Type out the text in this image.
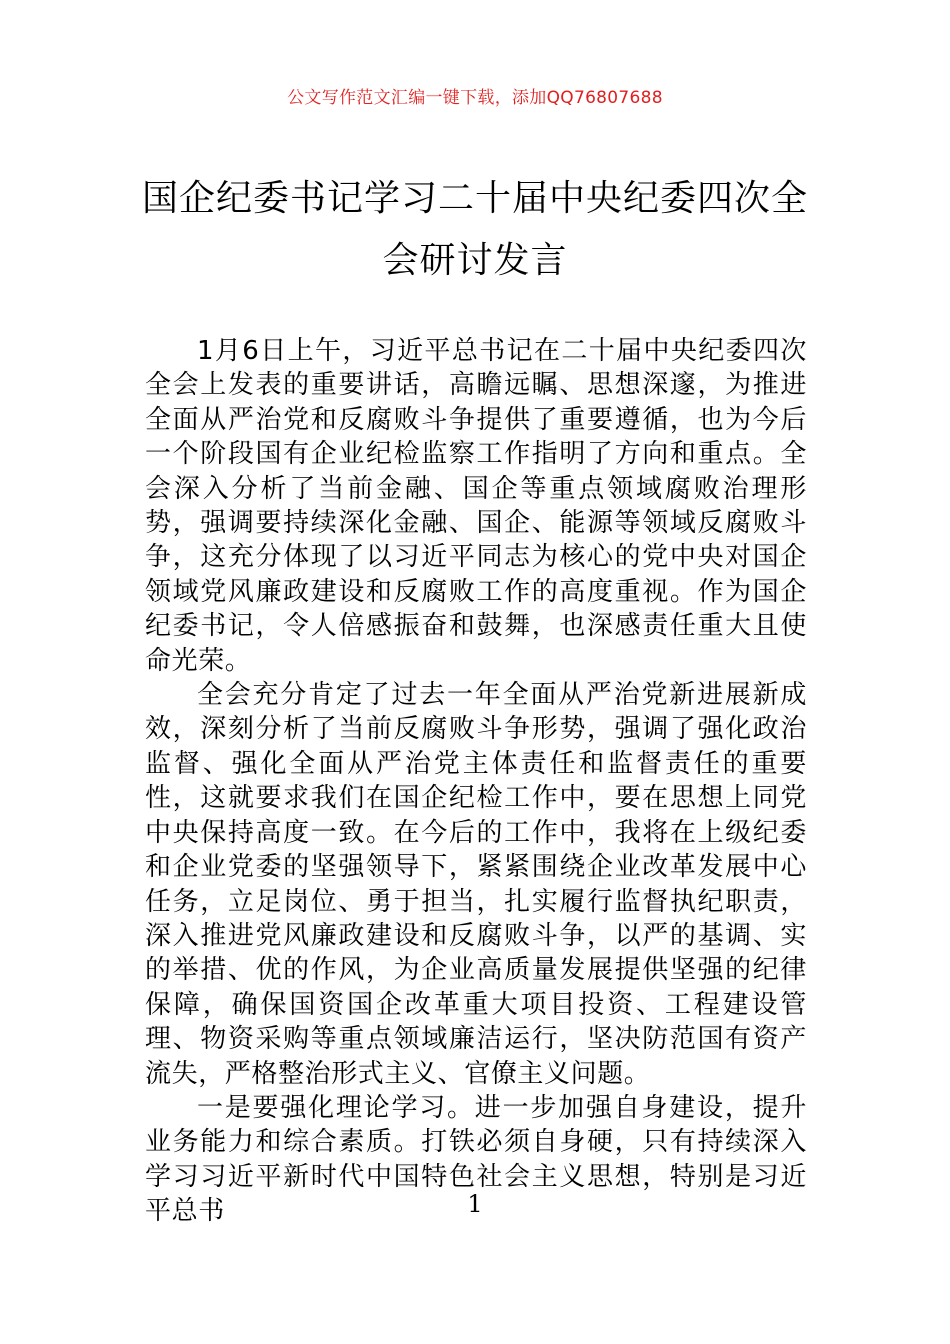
公文写作范文汇编一键下载，添加QQ76807688
国企纪委书记学习二十届中央纪委四次全
会研讨发言

1月6日上午，习近平总书记在二十届中央纪委四次全会上发表的重要讲话，高瞻远瞩、思想深邃，为推进全面从严治党和反腐败斗争提供了重要遵循，也为今后一个阶段国有企业纪检监察工作指明了方向和重点。全会深入分析了当前金融、国企等重点领域腐败治理形势，强调要持续深化金融、国企、能源等领域反腐败斗争，这充分体现了以习近平同志为核心的党中央对国企领域党风廉政建设和反腐败工作的高度重视。作为国企纪委书记，令人倍感振奋和鼓舞，也深感责任重大且使命光荣。

全会充分肯定了过去一年全面从严治党新进展新成效，深刻分析了当前反腐败斗争形势，强调了强化政治监督、强化全面从严治党主体责任和监督责任的重要性，这就要求我们在国企纪检工作中，要在思想上同党中央保持高度一致。在今后的工作中，我将在上级纪委和企业党委的坚强领导下，紧紧围绕企业改革发展中心任务，立足岗位、勇于担当，扎实履行监督执纪职责，深入推进党风廉政建设和反腐败斗争，以严的基调、实的举措、优的作风，为企业高质量发展提供坚强的纪律保障，确保国资国企改革重大项目投资、工程建设管理、物资采购等重点领域廉洁运行，坚决防范国有资产流失，严格整治形式主义、官僚主义问题。

一是要强化理论学习。进一步加强自身建设，提升业务能力和综合素质。打铁必须自身硬，只有持续深入学习习近平新时代中国特色社会主义思想，特别是习近平总书	1
